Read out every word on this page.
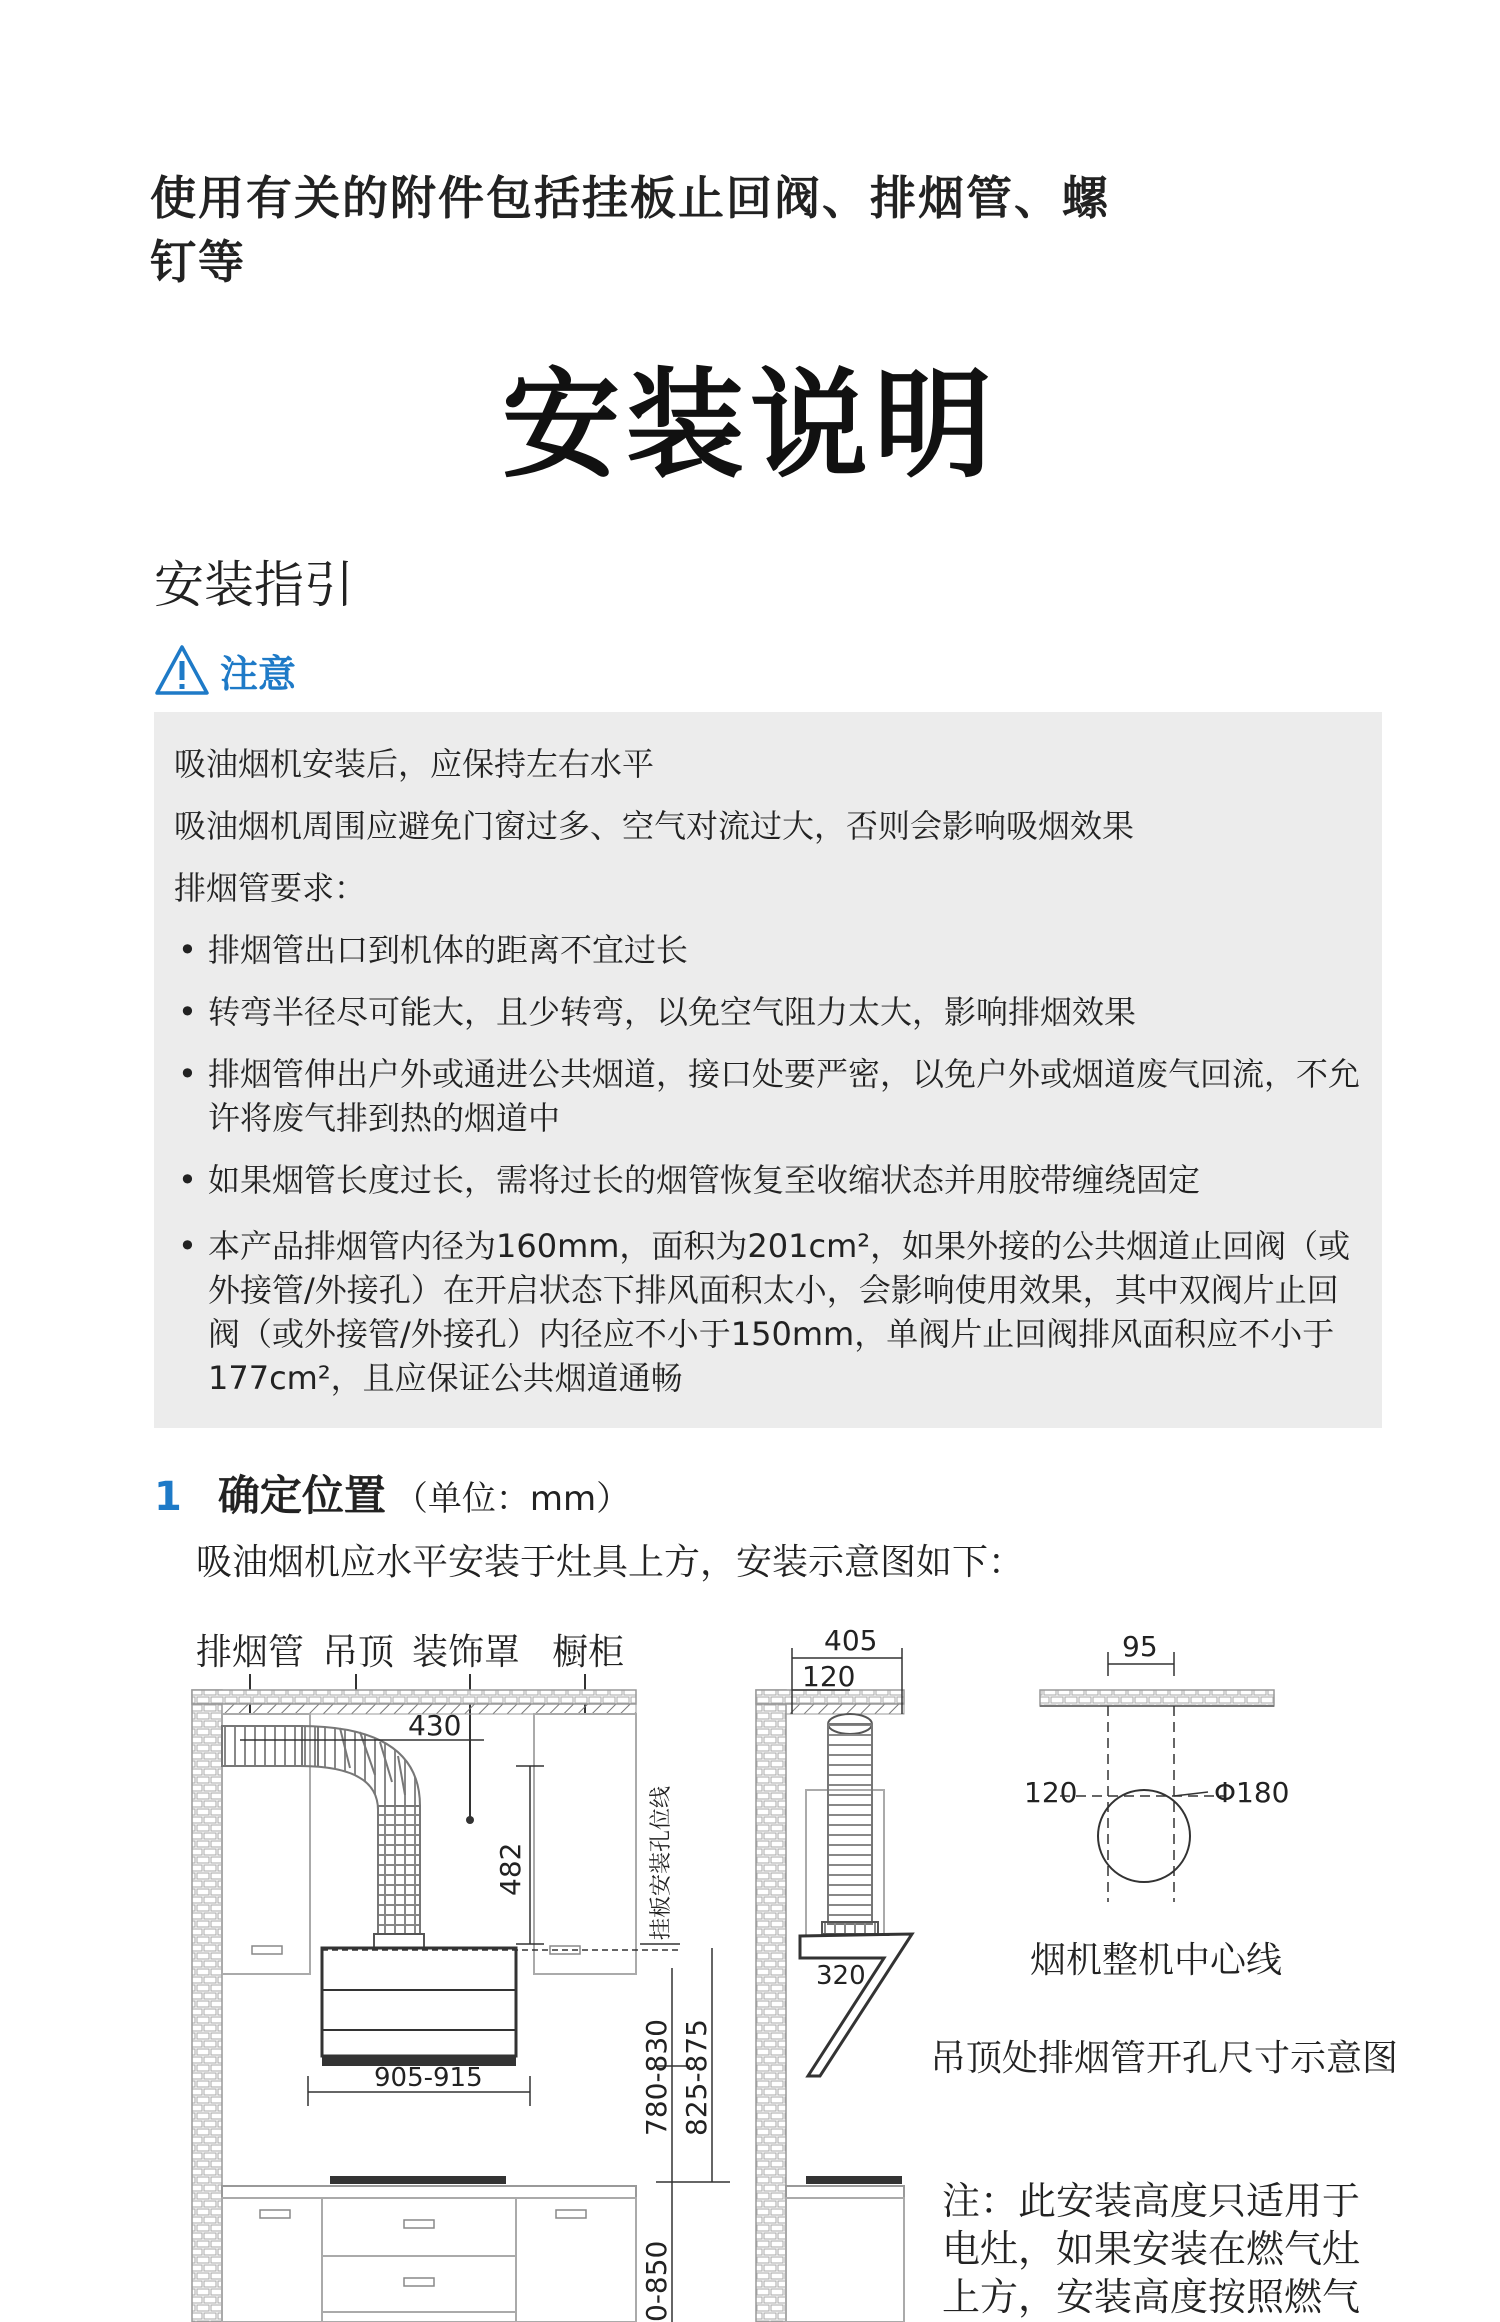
使用有关的附件包括挂板止回阀、排烟管、螺钉等
安装说明
安装指引
注意
吸油烟机安装后，应保持左右水平
吸油烟机周围应避免门窗过多、空气对流过大，否则会影响吸烟效果
排烟管要求：
• 排烟管出口到机体的距离不宜过长
• 转弯半径尽可能大，且少转弯，以免空气阻力太大，影响排烟效果
• 排烟管伸出户外或通进公共烟道，接口处要严密，以免户外或烟道废气回流，不允许将废气排到热的烟道中
• 如果烟管长度过长，需将过长的烟管恢复至收缩状态并用胶带缠绕固定
• 本产品排烟管内径为160mm，面积为201cm²，如果外接的公共烟道止回阀（或外接管/外接孔）在开启状态下排风面积太小，会影响使用效果，其中双阀片止回阀（或外接管/外接孔）内径应不小于150mm，单阀片止回阀排风面积应不小于177cm²，且应保证公共烟道通畅
1 确定位置 （单位：mm）
吸油烟机应水平安装于灶具上方，安装示意图如下：
排烟管 吊顶 装饰罩 橱柜
430
482	挂板安装孔位线
905-915	780-830 825-875
0-850
405
120
320
95
120	Φ180
烟机整机中心线
吊顶处排烟管开孔尺寸示意图
注：此安装高度只适用于
电灶，如果安装在燃气灶
上方，安装高度按照燃气
